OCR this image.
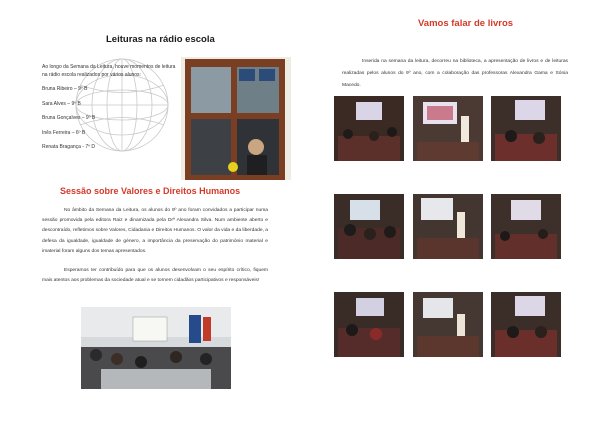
Leituras na rádio escola
Ao longo da Semana da Leitura, houve momentos de leitura na rádio escola realizados por vários alunos:
Bruna Ribeiro – 9º B
Sara Alves – 9º B
Bruna Gonçalves – 9º B
Inês Ferreira – 6º B
Renata Bragança - 7º D
Sessão sobre Valores e Direitos Humanos

No âmbito da Semana da Leitura, os alunos do 9º ano foram convidados a participar numa sessão promovida pela editora Raiz e dinamizada pela Drª Alexandra Silva. Num ambiente aberto e descontraído, refletimos sobre Valores, Cidadania e Direitos Humanos. O valor da vida e da liberdade, a defesa da igualdade, igualdade de género, a importância da preservação do património material e imaterial foram alguns dos temas apresentados.

Esperamos ter contribuído para que os alunos desenvolvam o seu espírito crítico, fiquem mais atentos aos problemas da sociedade atual e se tornem cidadãos participativos e responsáveis!

Vamos falar de livros

Inserida na semana da leitura, decorreu na biblioteca, a apresentação de livros e de leituras realizadas pelos alunos do 9º ano, com a colaboração das professoras Alexandra Gama e Sónia Macedo.
